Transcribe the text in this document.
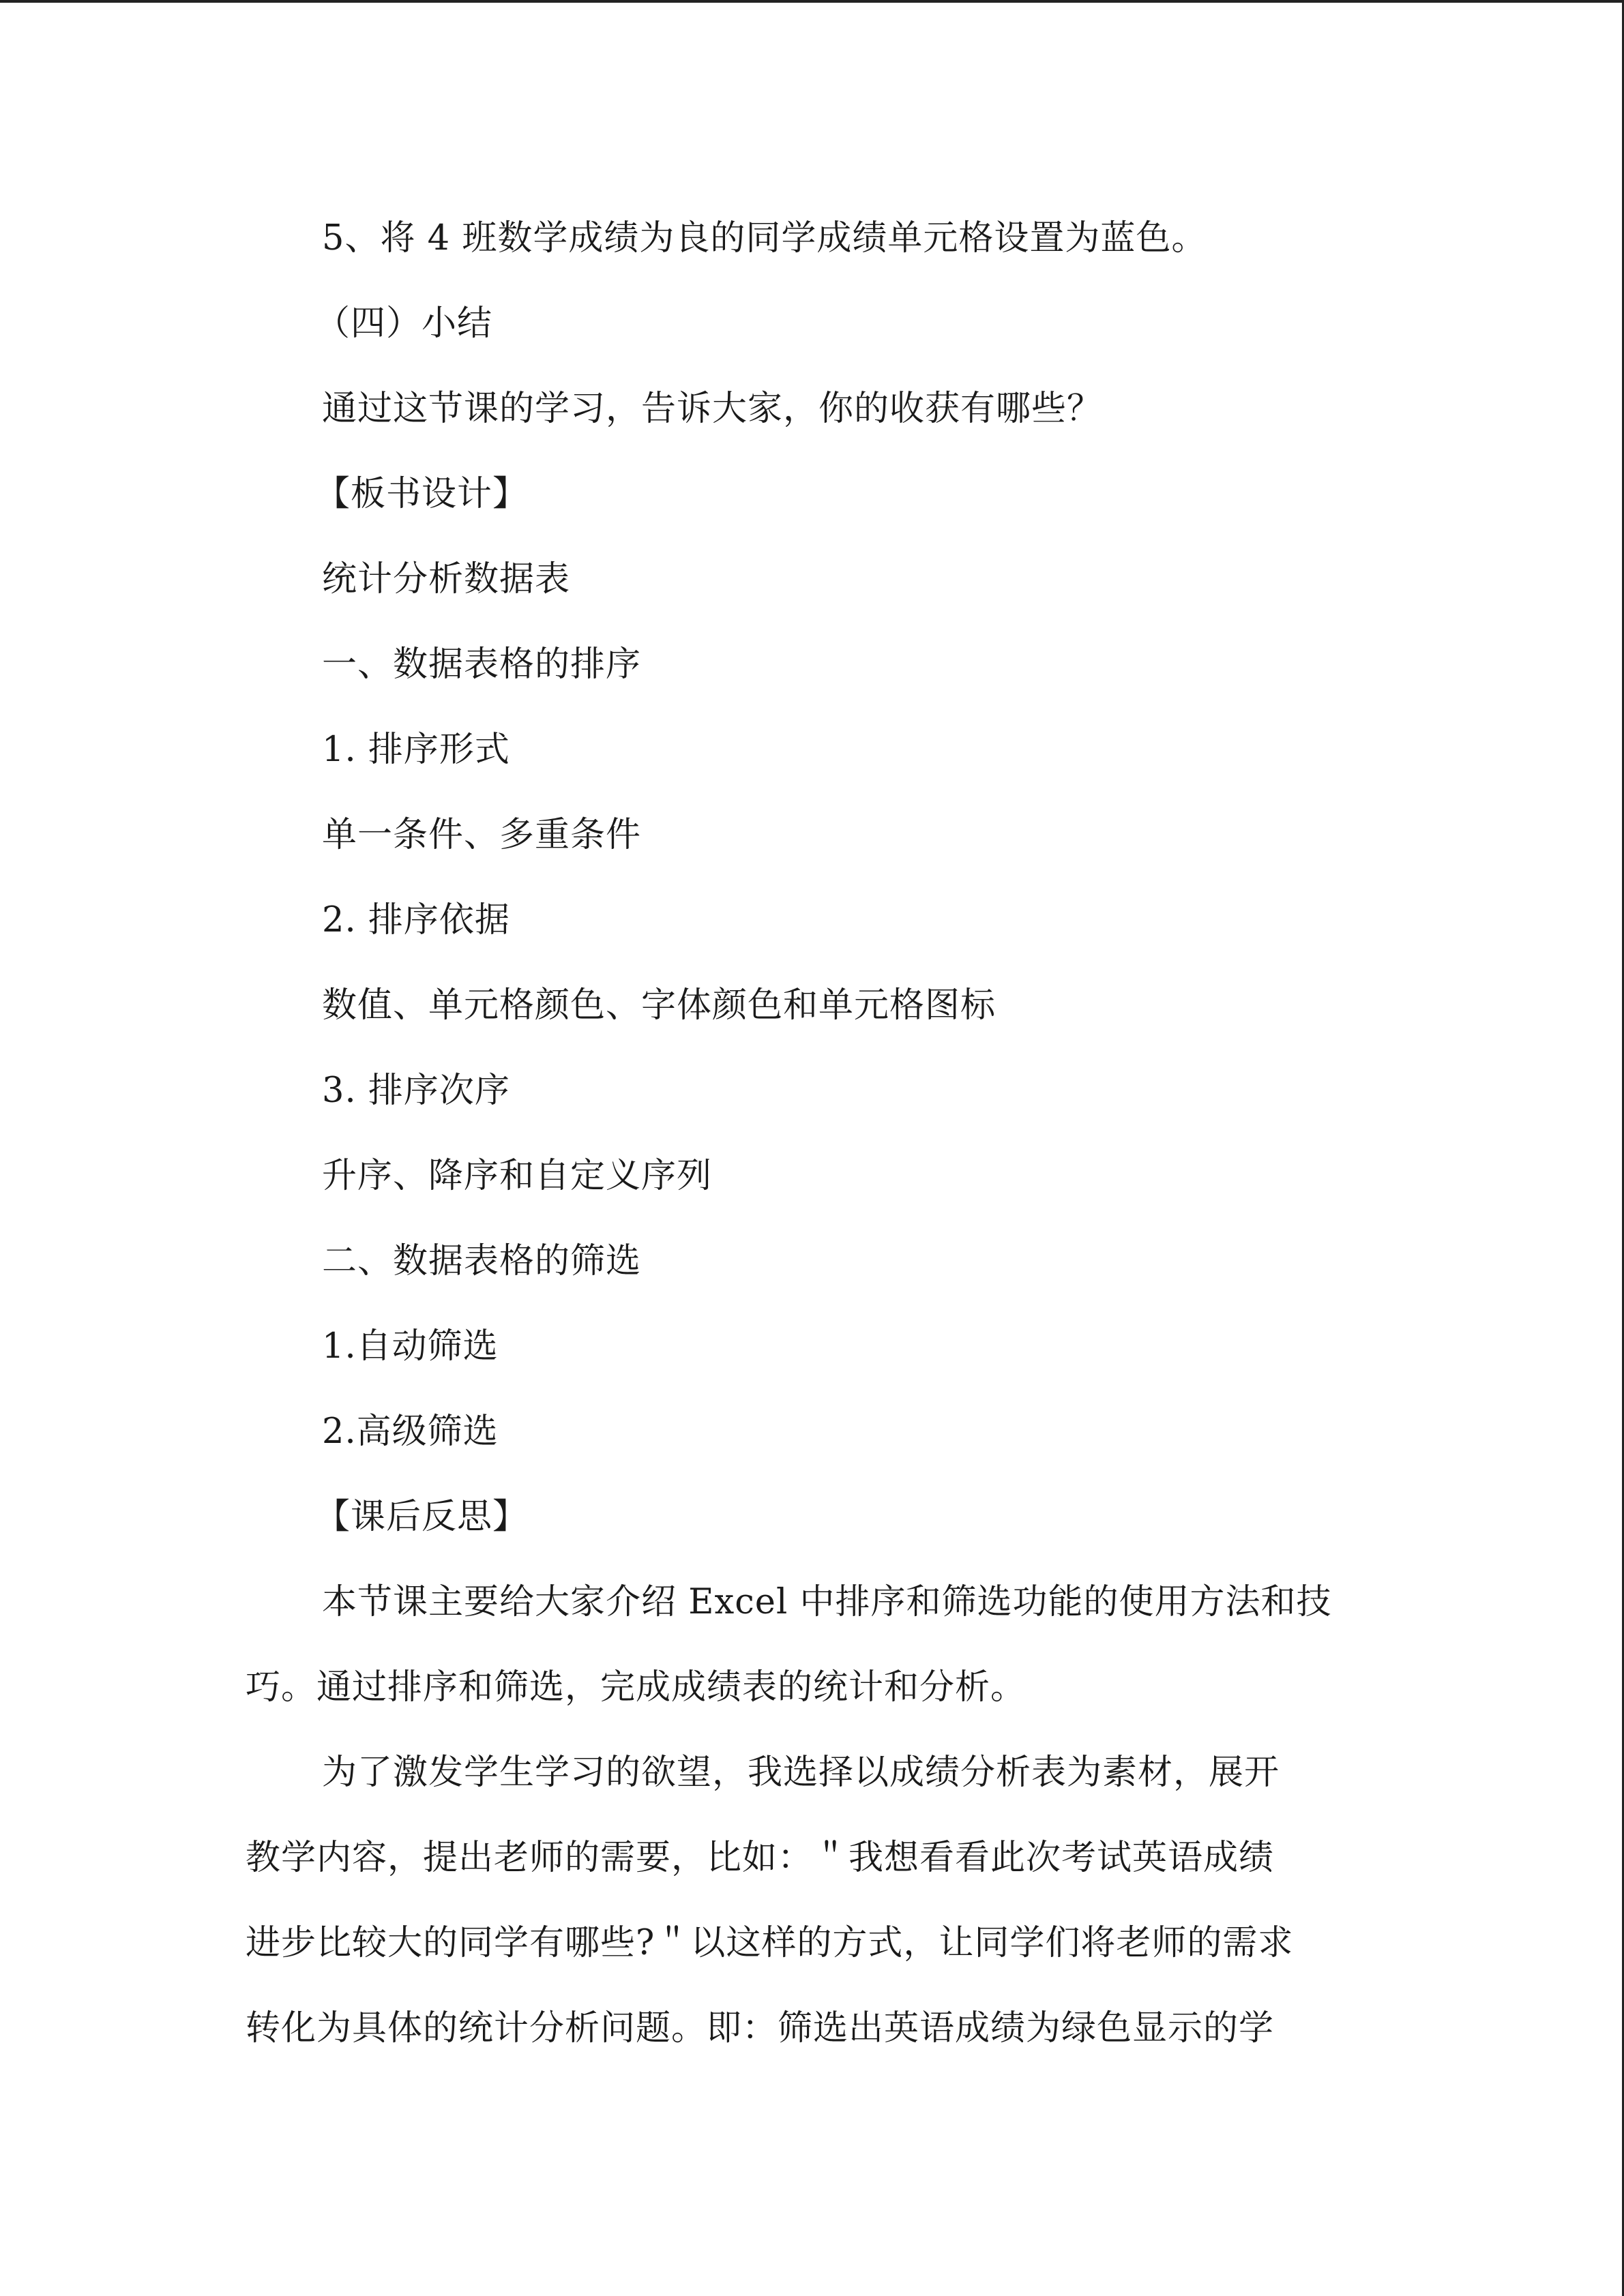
5、将 4 班数学成绩为良的同学成绩单元格设置为蓝色。
（四）小结
通过这节课的学习，告诉大家，你的收获有哪些？
【板书设计】
统计分析数据表
一、数据表格的排序
1. 排序形式
单一条件、多重条件
2. 排序依据
数值、单元格颜色、字体颜色和单元格图标
3. 排序次序
升序、降序和自定义序列
二、数据表格的筛选
1.自动筛选
2.高级筛选
【课后反思】
本节课主要给大家介绍 Excel 中排序和筛选功能的使用方法和技
巧。通过排序和筛选，完成成绩表的统计和分析。
为了激发学生学习的欲望，我选择以成绩分析表为素材，展开
教学内容，提出老师的需要，比如：＂我想看看此次考试英语成绩
进步比较大的同学有哪些?＂以这样的方式，让同学们将老师的需求
转化为具体的统计分析问题。即：筛选出英语成绩为绿色显示的学
